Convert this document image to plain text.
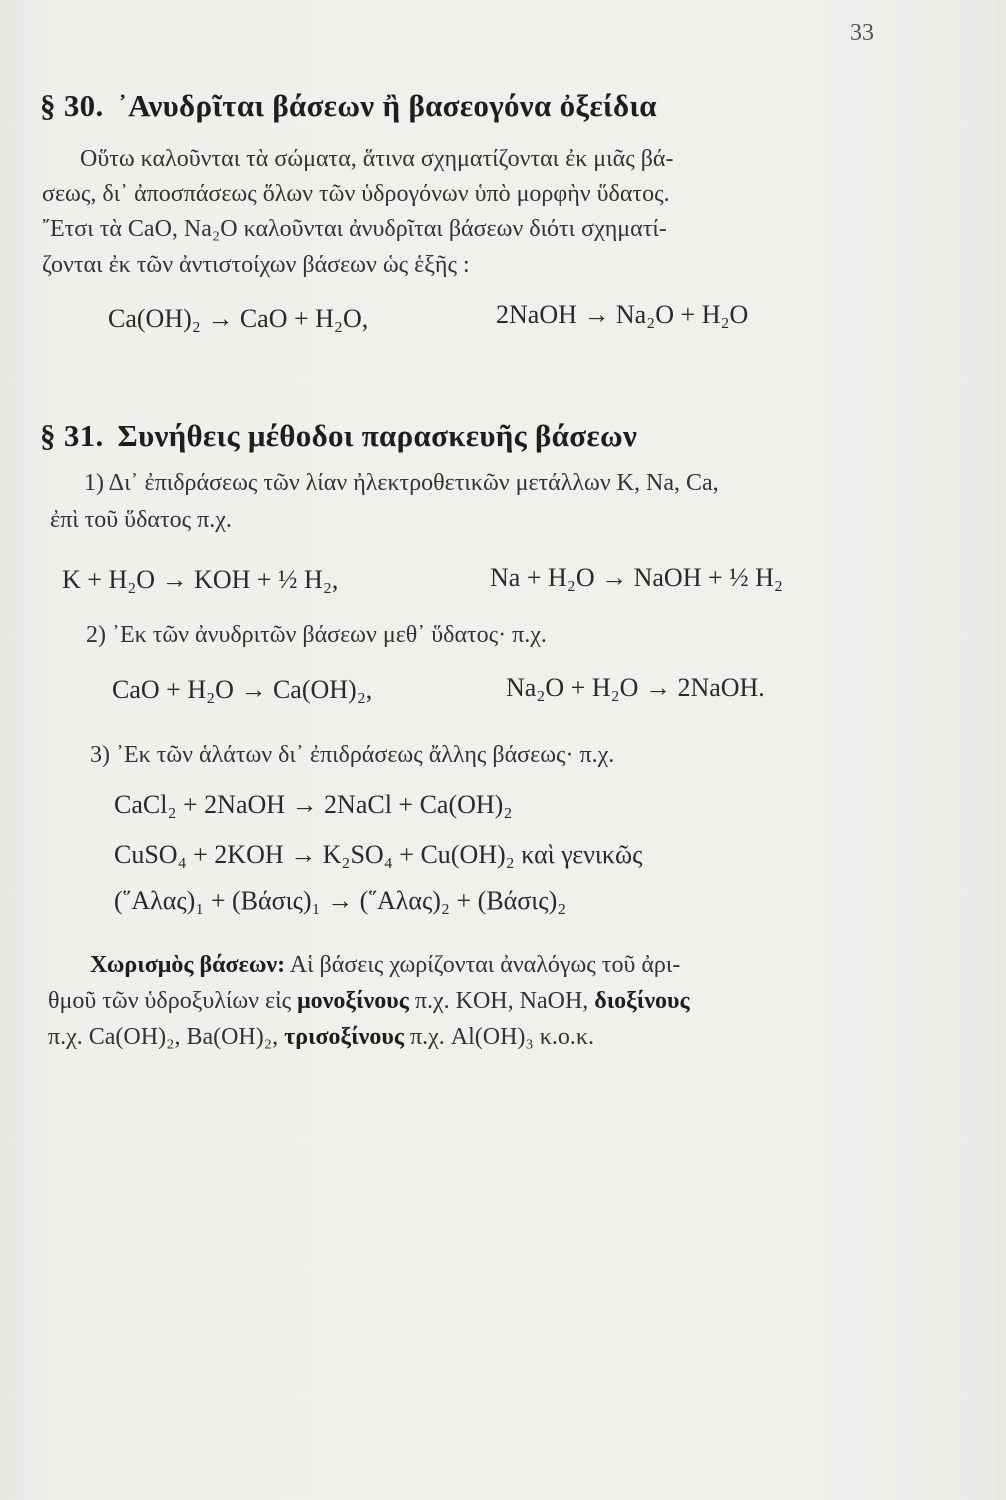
33
§ 30. ᾿Ανυδρῖται βάσεων ἢ βασεογόνα ὀξείδια
Οὕτω καλοῦνται τὰ σώματα, ἅτινα σχηματίζονται ἐκ μιᾶς βά-
σεως, δι᾿ ἀποσπάσεως ὅλων τῶν ὑδρογόνων ὑπὸ μορφὴν ὕδατος.
῎Ετσι τὰ CaO, Na₂O καλοῦνται ἀνυδρῖται βάσεων διότι σχηματί-
ζονται ἐκ τῶν ἀντιστοίχων βάσεων ὡς ἑξῆς :
Ca(OH)₂ → CaO + H₂O,	2NaOH → Na₂O + H₂O
§ 31. Συνήθεις μέθοδοι παρασκευῆς βάσεων
1) Δι᾿ ἐπιδράσεως τῶν λίαν ἠλεκτροθετικῶν μετάλλων K, Na, Ca,
ἐπὶ τοῦ ὕδατος π.χ.
K + H₂O → KOH + ½ H₂,	Na + H₂O → NaOH + ½ H₂
2) ᾿Εκ τῶν ἀνυδριτῶν βάσεων μεθ᾿ ὕδατος· π.χ.
CaO + H₂O → Ca(OH)₂,	Na₂O + H₂O → 2NaOH.
3) ᾿Εκ τῶν ἁλάτων δι᾿ ἐπιδράσεως ἄλλης βάσεως· π.χ.
CaCl₂ + 2NaOH → 2NaCl + Ca(OH)₂
CuSO₄ + 2KOH → K₂SO₄ + Cu(OH)₂ καὶ γενικῶς
(῞Αλας)₁ + (Βάσις)₁ → (῞Αλας)₂ + (Βάσις)₂
Χωρισμὸς βάσεων: Αἱ βάσεις χωρίζονται ἀναλόγως τοῦ ἀρι-
θμοῦ τῶν ὑδροξυλίων εἰς μονοξίνους π.χ. KOH, NaOH, διοξίνους
π.χ. Ca(OH)₂, Ba(OH)₂, τρισοξίνους π.χ. Al(OH)₃ κ.ο.κ.
